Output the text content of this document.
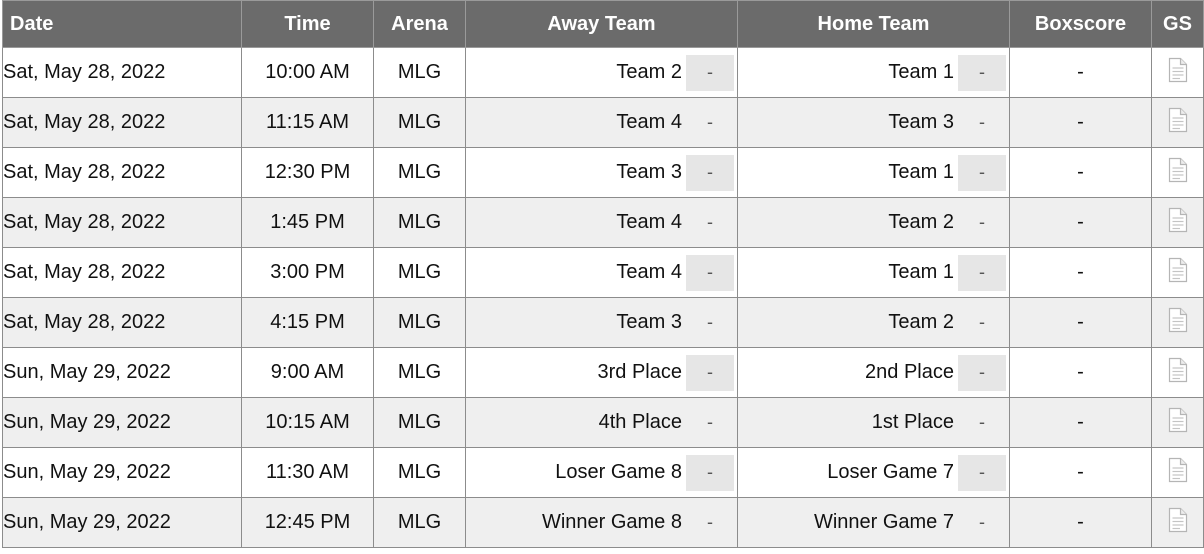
Date	Time	Arena	Away Team	Home Team	Boxscore	GS
Sat, May 28, 2022	10:00 AM	MLG	Team 2 -	Team 1 -	-	
Sat, May 28, 2022	11:15 AM	MLG	Team 4 -	Team 3 -	-	
Sat, May 28, 2022	12:30 PM	MLG	Team 3 -	Team 1 -	-	
Sat, May 28, 2022	1:45 PM	MLG	Team 4 -	Team 2 -	-	
Sat, May 28, 2022	3:00 PM	MLG	Team 4 -	Team 1 -	-	
Sat, May 28, 2022	4:15 PM	MLG	Team 3 -	Team 2 -	-	
Sun, May 29, 2022	9:00 AM	MLG	3rd Place -	2nd Place -	-	
Sun, May 29, 2022	10:15 AM	MLG	4th Place -	1st Place -	-	
Sun, May 29, 2022	11:30 AM	MLG	Loser Game 8 -	Loser Game 7 -	-	
Sun, May 29, 2022	12:45 PM	MLG	Winner Game 8 -	Winner Game 7 -	-	
